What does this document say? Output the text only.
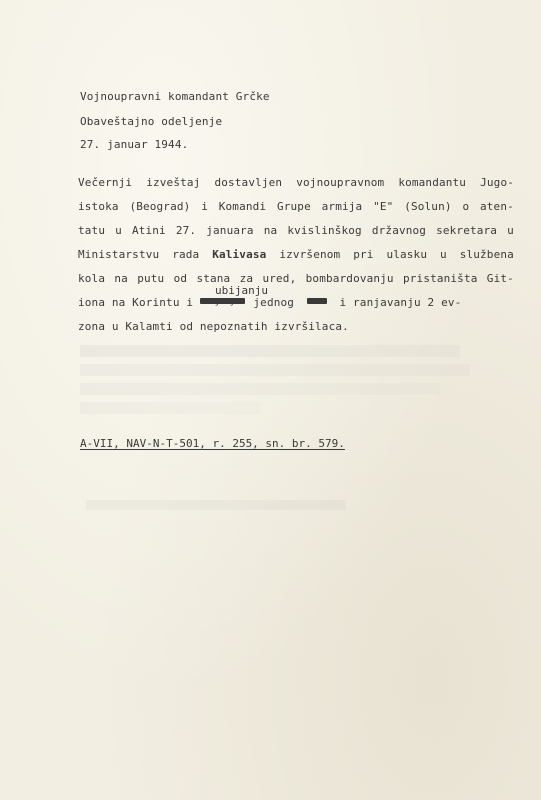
Vojnoupravni komandant Grčke
Obaveštajno odeljenje
27. januar 1944.
Večernji izveštaj dostavljen vojnoupravnom komandantu Jugo-
istoka (Beograd) i Komandi Grupe armija "E" (Solun) o aten-
tatu u Atini 27. januara na kvislinškog državnog sekretara u
Ministarstvu rada Kalivasa izvršenom pri ulasku u službena
kola na putu od stana za ured, bombardovanju pristaništa Git-
ubijanju
iona na Korintu i ubijanjem jednog Grka i ranjavanju 2 ev-
zona u Kalamti od nepoznatih izvršilaca.
A-VII, NAV-N-T-501, r. 255, sn. br. 579.
